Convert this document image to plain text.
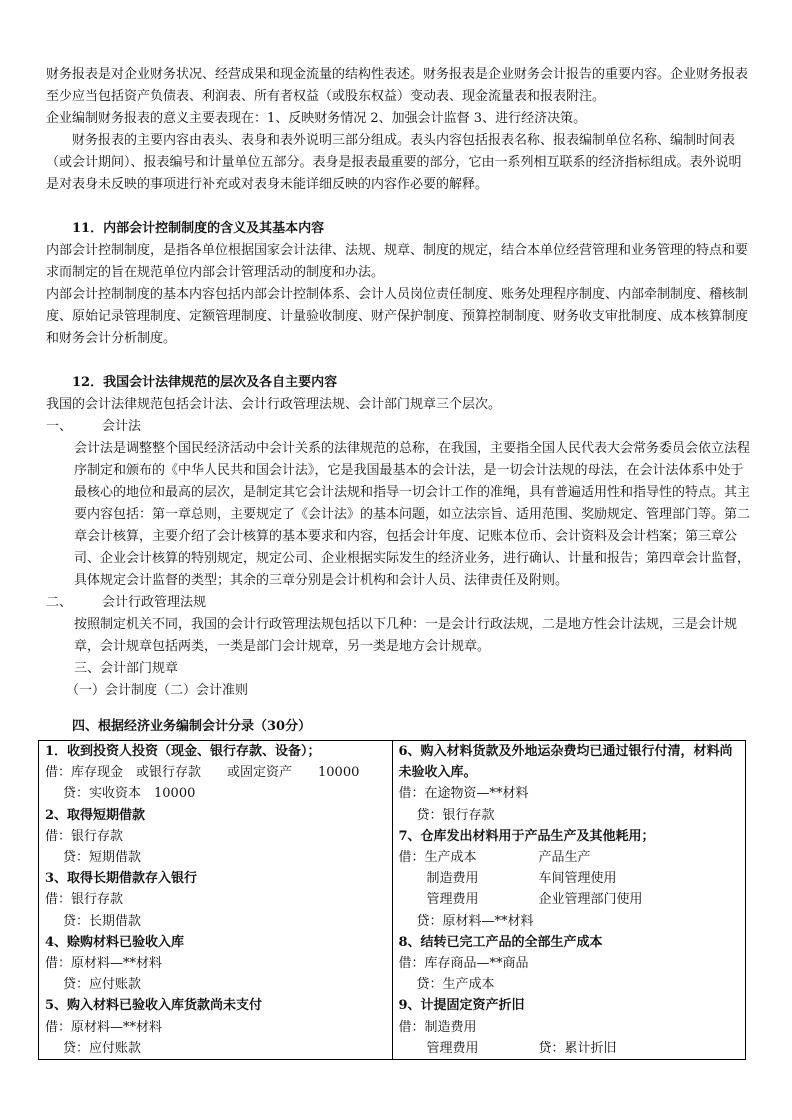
财务报表是对企业财务状况、经营成果和现金流量的结构性表述。财务报表是企业财务会计报告的重要内容。企业财务报表至少应当包括资产负债表、利润表、所有者权益（或股东权益）变动表、现金流量表和报表附注。

企业编制财务报表的意义主要表现在：1、反映财务情况 2、加强会计监督 3、进行经济决策。

财务报表的主要内容由表头、表身和表外说明三部分组成。表头内容包括报表名称、报表编制单位名称、编制时间表（或会计期间）、报表编号和计量单位五部分。表身是报表最重要的部分，它由一系列相互联系的经济指标组成。表外说明是对表身未反映的事项进行补充或对表身未能详细反映的内容作必要的解释。

11．内部会计控制制度的含义及其基本内容

内部会计控制制度，是指各单位根据国家会计法律、法规、规章、制度的规定，结合本单位经营管理和业务管理的特点和要求而制定的旨在规范单位内部会计管理活动的制度和办法。

内部会计控制制度的基本内容包括内部会计控制体系、会计人员岗位责任制度、账务处理程序制度、内部牵制制度、稽核制度、原始记录管理制度、定额管理制度、计量验收制度、财产保护制度、预算控制制度、财务收支审批制度、成本核算制度和财务会计分析制度。

12．我国会计法律规范的层次及各自主要内容

我国的会计法律规范包括会计法、会计行政管理法规、会计部门规章三个层次。

一、	会计法

会计法是调整整个国民经济活动中会计关系的法律规范的总称，在我国，主要指全国人民代表大会常务委员会依立法程序制定和颁布的《中华人民共和国会计法》，它是我国最基本的会计法，是一切会计法规的母法，在会计法体系中处于最核心的地位和最高的层次，是制定其它会计法规和指导一切会计工作的准绳，具有普遍适用性和指导性的特点。其主要内容包括：第一章总则，主要规定了《会计法》的基本问题，如立法宗旨、适用范围、奖励规定、管理部门等。第二章会计核算，主要介绍了会计核算的基本要求和内容，包括会计年度、记账本位币、会计资料及会计档案；第三章公司、企业会计核算的特别规定，规定公司、企业根据实际发生的经济业务，进行确认、计量和报告；第四章会计监督，具体规定会计监督的类型；其余的三章分别是会计机构和会计人员、法律责任及附则。

二、	会计行政管理法规

按照制定机关不同，我国的会计行政管理法规包括以下几种：一是会计行政法规，二是地方性会计法规，三是会计规章，会计规章包括两类，一类是部门会计规章，另一类是地方会计规章。

三、会计部门规章

（一）会计制度（二）会计准则

四、根据经济业务编制会计分录（30分）

1．收到投资人投资（现金、银行存款、设备）；

借：库存现金　或银行存款　　或固定资产　　10000

贷：实收资本　10000

2、取得短期借款

借：银行存款

贷：短期借款

3、取得长期借款存入银行

借：银行存款

贷：长期借款

4、赊购材料已验收入库

借：原材料—**材料

贷：应付账款

5、购入材料已验收入库货款尚未支付

借：原材料—**材料

贷：应付账款

6、购入材料货款及外地运杂费均已通过银行付清，材料尚未验收入库。

借：在途物资—**材料

贷：银行存款

7、仓库发出材料用于产品生产及其他耗用；

借：生产成本	产品生产

制造费用	车间管理使用

管理费用	企业管理部门使用

贷：原材料—**材料

8、结转已完工产品的全部生产成本

借：库存商品—**商品

贷：生产成本

9、计提固定资产折旧

借：制造费用

管理费用	贷：累计折旧
